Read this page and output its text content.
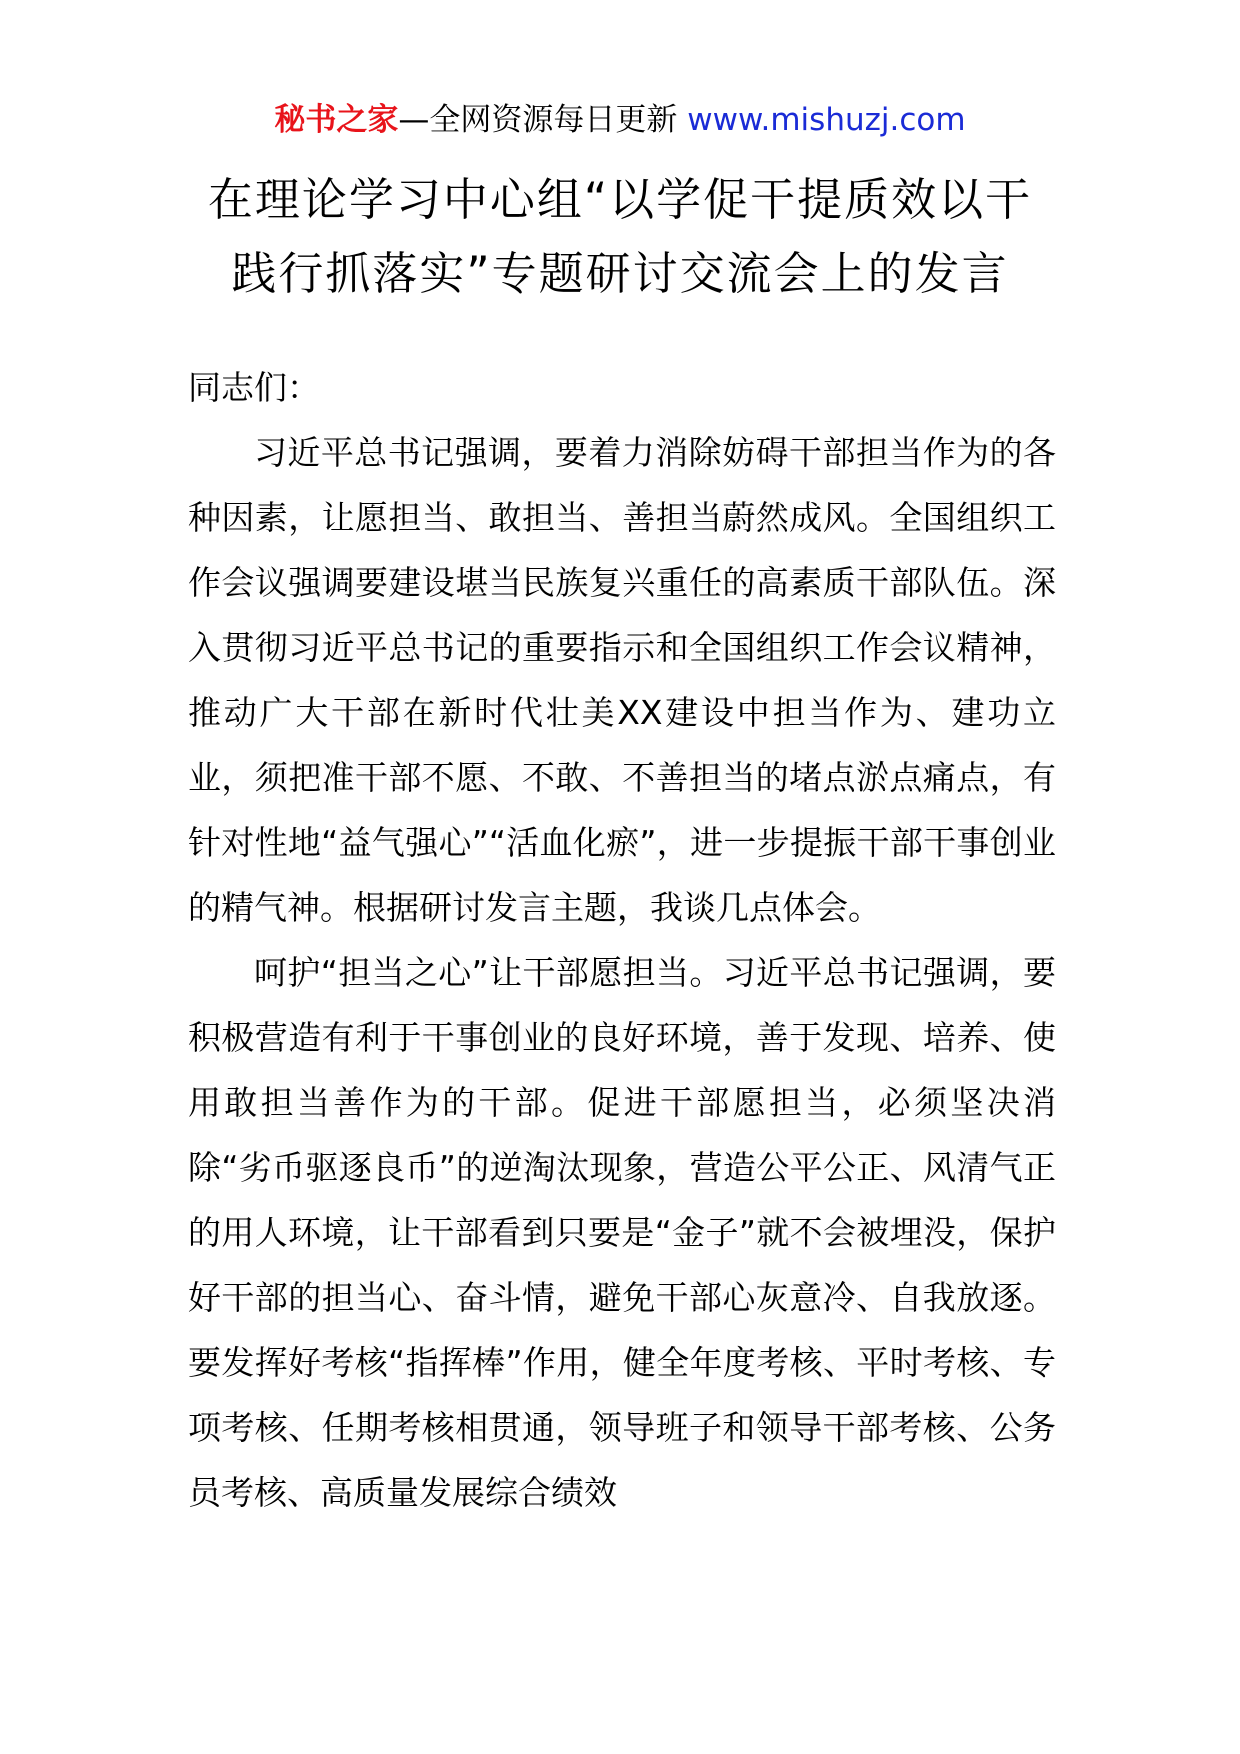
秘书之家—全网资源每日更新 www.mishuzj.com
在理论学习中心组“以学促干提质效以干
践行抓落实”专题研讨交流会上的发言

同志们：

习近平总书记强调，要着力消除妨碍干部担当作为的各种因素，让愿担当、敢担当、善担当蔚然成风。全国组织工作会议强调要建设堪当民族复兴重任的高素质干部队伍。深入贯彻习近平总书记的重要指示和全国组织工作会议精神，推动广大干部在新时代壮美XX建设中担当作为、建功立业，须把准干部不愿、不敢、不善担当的堵点淤点痛点，有针对性地“益气强心”“活血化瘀”，进一步提振干部干事创业的精气神。根据研讨发言主题，我谈几点体会。

呵护“担当之心”让干部愿担当。习近平总书记强调，要积极营造有利于干事创业的良好环境，善于发现、培养、使用敢担当善作为的干部。促进干部愿担当，必须坚决消除“劣币驱逐良币”的逆淘汰现象，营造公平公正、风清气正的用人环境，让干部看到只要是“金子”就不会被埋没，保护好干部的担当心、奋斗情，避免干部心灰意冷、自我放逐。要发挥好考核“指挥棒”作用，健全年度考核、平时考核、专项考核、任期考核相贯通，领导班子和领导干部考核、公务员考核、高质量发展综合绩效
